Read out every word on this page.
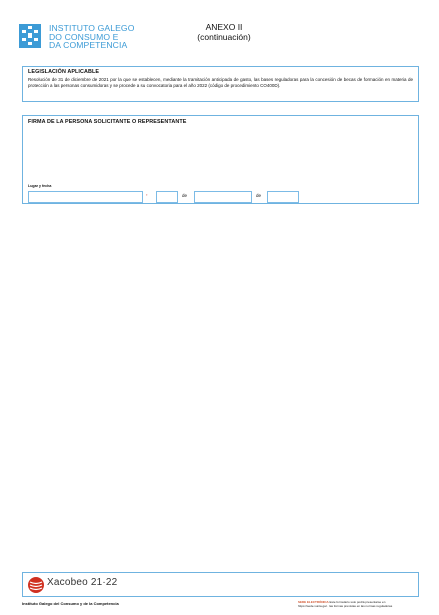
INSTITUTO GALEGO
DO CONSUMO E
DA COMPETENCIA
ANEXO II
(continuación)
LEGISLACIÓN APLICABLE
Resolución de 31 de diciembre de 2021 por la que se establecen, mediante la tramitación anticipada de gasto, las bases reguladoras para la concesión de becas de formación en materia de protección a las personas consumidoras y se procede a su convocatoria para el año 2022 (código de procedimiento CO400D).
FIRMA DE LA PERSONA SOLICITANTE O REPRESENTANTE
Lugar y fecha
,	de	de
Xacobeo 21·22
Instituto Galego del Consumo y de la Competencia	SEDE ELECTRÓNICA Este formulario solo podrá presentarse en
https://sede.xunta.gal · las formas previstas en las normas reguladoras
